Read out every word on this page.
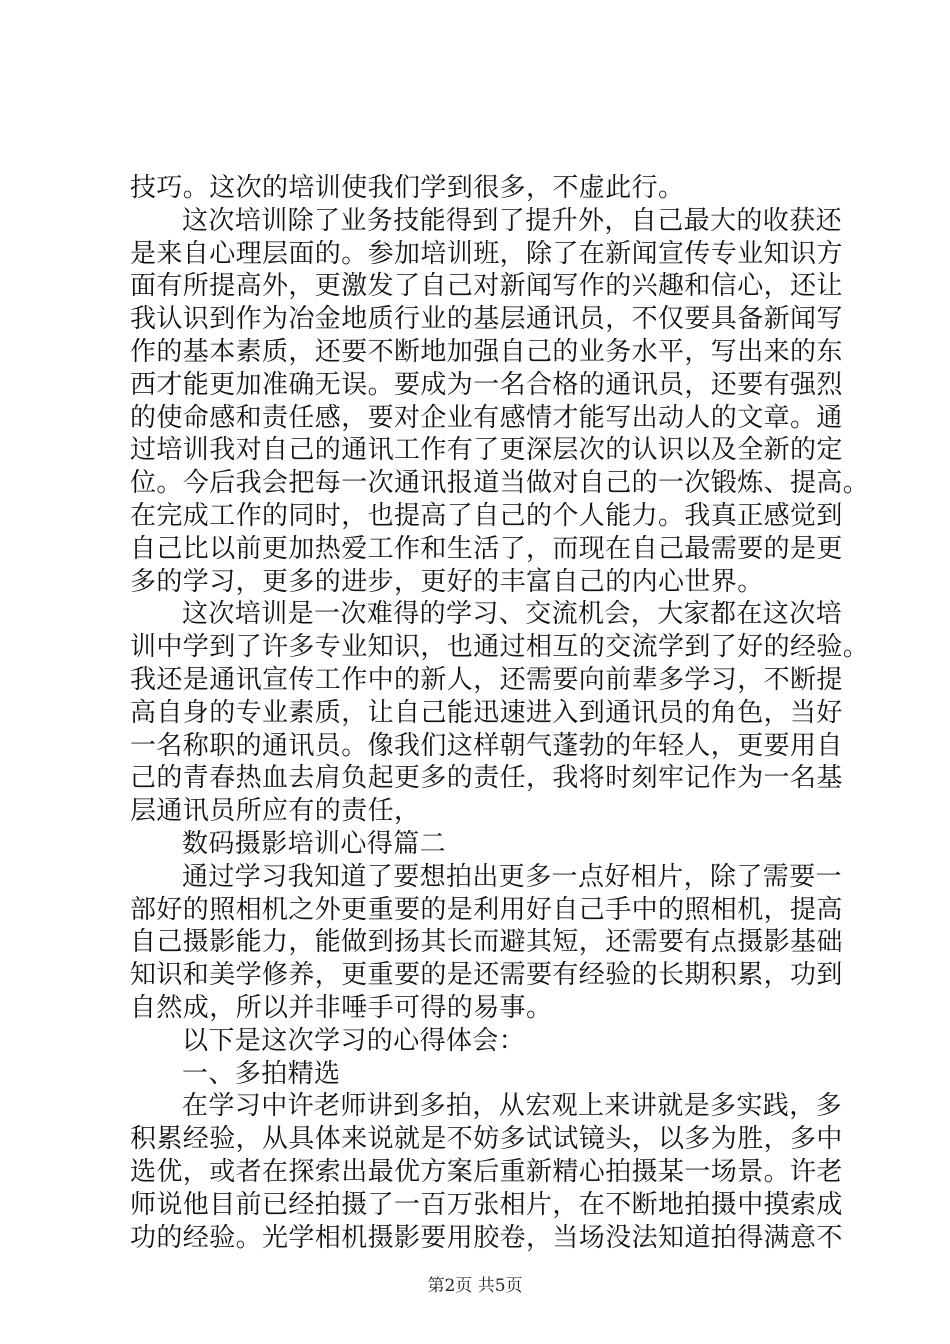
技巧。这次的培训使我们学到很多，不虚此行。
这次培训除了业务技能得到了提升外，自己最大的收获还
是来自心理层面的。参加培训班，除了在新闻宣传专业知识方
面有所提高外，更激发了自己对新闻写作的兴趣和信心，还让
我认识到作为冶金地质行业的基层通讯员，不仅要具备新闻写
作的基本素质，还要不断地加强自己的业务水平，写出来的东
西才能更加准确无误。要成为一名合格的通讯员，还要有强烈
的使命感和责任感，要对企业有感情才能写出动人的文章。通
过培训我对自己的通讯工作有了更深层次的认识以及全新的定
位。今后我会把每一次通讯报道当做对自己的一次锻炼、提高。
在完成工作的同时，也提高了自己的个人能力。我真正感觉到
自己比以前更加热爱工作和生活了，而现在自己最需要的是更
多的学习，更多的进步，更好的丰富自己的内心世界。
这次培训是一次难得的学习、交流机会，大家都在这次培
训中学到了许多专业知识，也通过相互的交流学到了好的经验。
我还是通讯宣传工作中的新人，还需要向前辈多学习，不断提
高自身的专业素质，让自己能迅速进入到通讯员的角色，当好
一名称职的通讯员。像我们这样朝气蓬勃的年轻人，更要用自
己的青春热血去肩负起更多的责任，我将时刻牢记作为一名基
层通讯员所应有的责任，
数码摄影培训心得篇二
通过学习我知道了要想拍出更多一点好相片，除了需要一
部好的照相机之外更重要的是利用好自己手中的照相机，提高
自己摄影能力，能做到扬其长而避其短，还需要有点摄影基础
知识和美学修养，更重要的是还需要有经验的长期积累，功到
自然成，所以并非唾手可得的易事。
以下是这次学习的心得体会：
一、多拍精选
在学习中许老师讲到多拍，从宏观上来讲就是多实践，多
积累经验，从具体来说就是不妨多试试镜头，以多为胜，多中
选优，或者在探索出最优方案后重新精心拍摄某一场景。许老
师说他目前已经拍摄了一百万张相片，在不断地拍摄中摸索成
功的经验。光学相机摄影要用胶卷，当场没法知道拍得满意不
第2页 共5页
